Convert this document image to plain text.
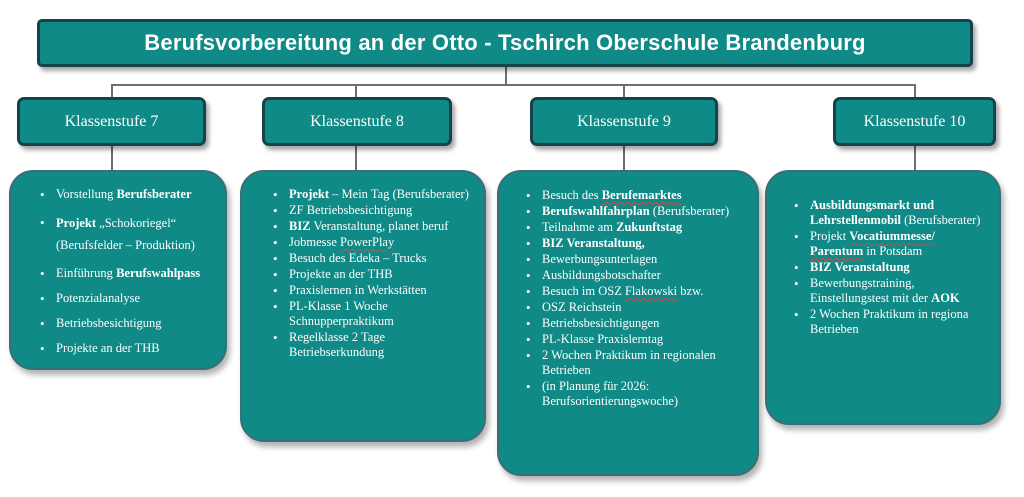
Berufsvorbereitung an der Otto - Tschirch Oberschule Brandenburg
Klassenstufe 7	Klassenstufe 8	Klassenstufe 9	Klassenstufe 10
• Vorstellung Berufsberater
• Projekt „Schokoriegel“ (Berufsfelder – Produktion)
• Einführung Berufswahlpass
• Potenzialanalyse
• Betriebsbesichtigung
• Projekte an der THB
• Projekt – Mein Tag (Berufsberater)
• ZF Betriebsbesichtigung
• BIZ Veranstaltung, planet beruf
• Jobmesse PowerPlay
• Besuch des Edeka – Trucks
• Projekte an der THB
• Praxislernen in Werkstätten
• PL-Klasse 1 Woche Schnupperpraktikum
• Regelklasse 2 Tage Betriebserkundung
• Besuch des Berufemarktes
• Berufswahlfahrplan (Berufsberater)
• Teilnahme am Zukunftstag
• BIZ Veranstaltung,
• Bewerbungsunterlagen
• Ausbildungsbotschafter
• Besuch im OSZ Flakowski bzw.
• OSZ Reichstein
• Betriebsbesichtigungen
• PL-Klasse Praxislerntag
• 2 Wochen Praktikum in regionalen Betrieben
• (in Planung für 2026: Berufsorientierungswoche)
• Ausbildungsmarkt und Lehrstellenmobil (Berufsberater)
• Projekt Vocatiummesse/ Parentum in Potsdam
• BIZ Veranstaltung
• Bewerbungstraining, Einstellungstest mit der AOK
• 2 Wochen Praktikum in regiona Betrieben
